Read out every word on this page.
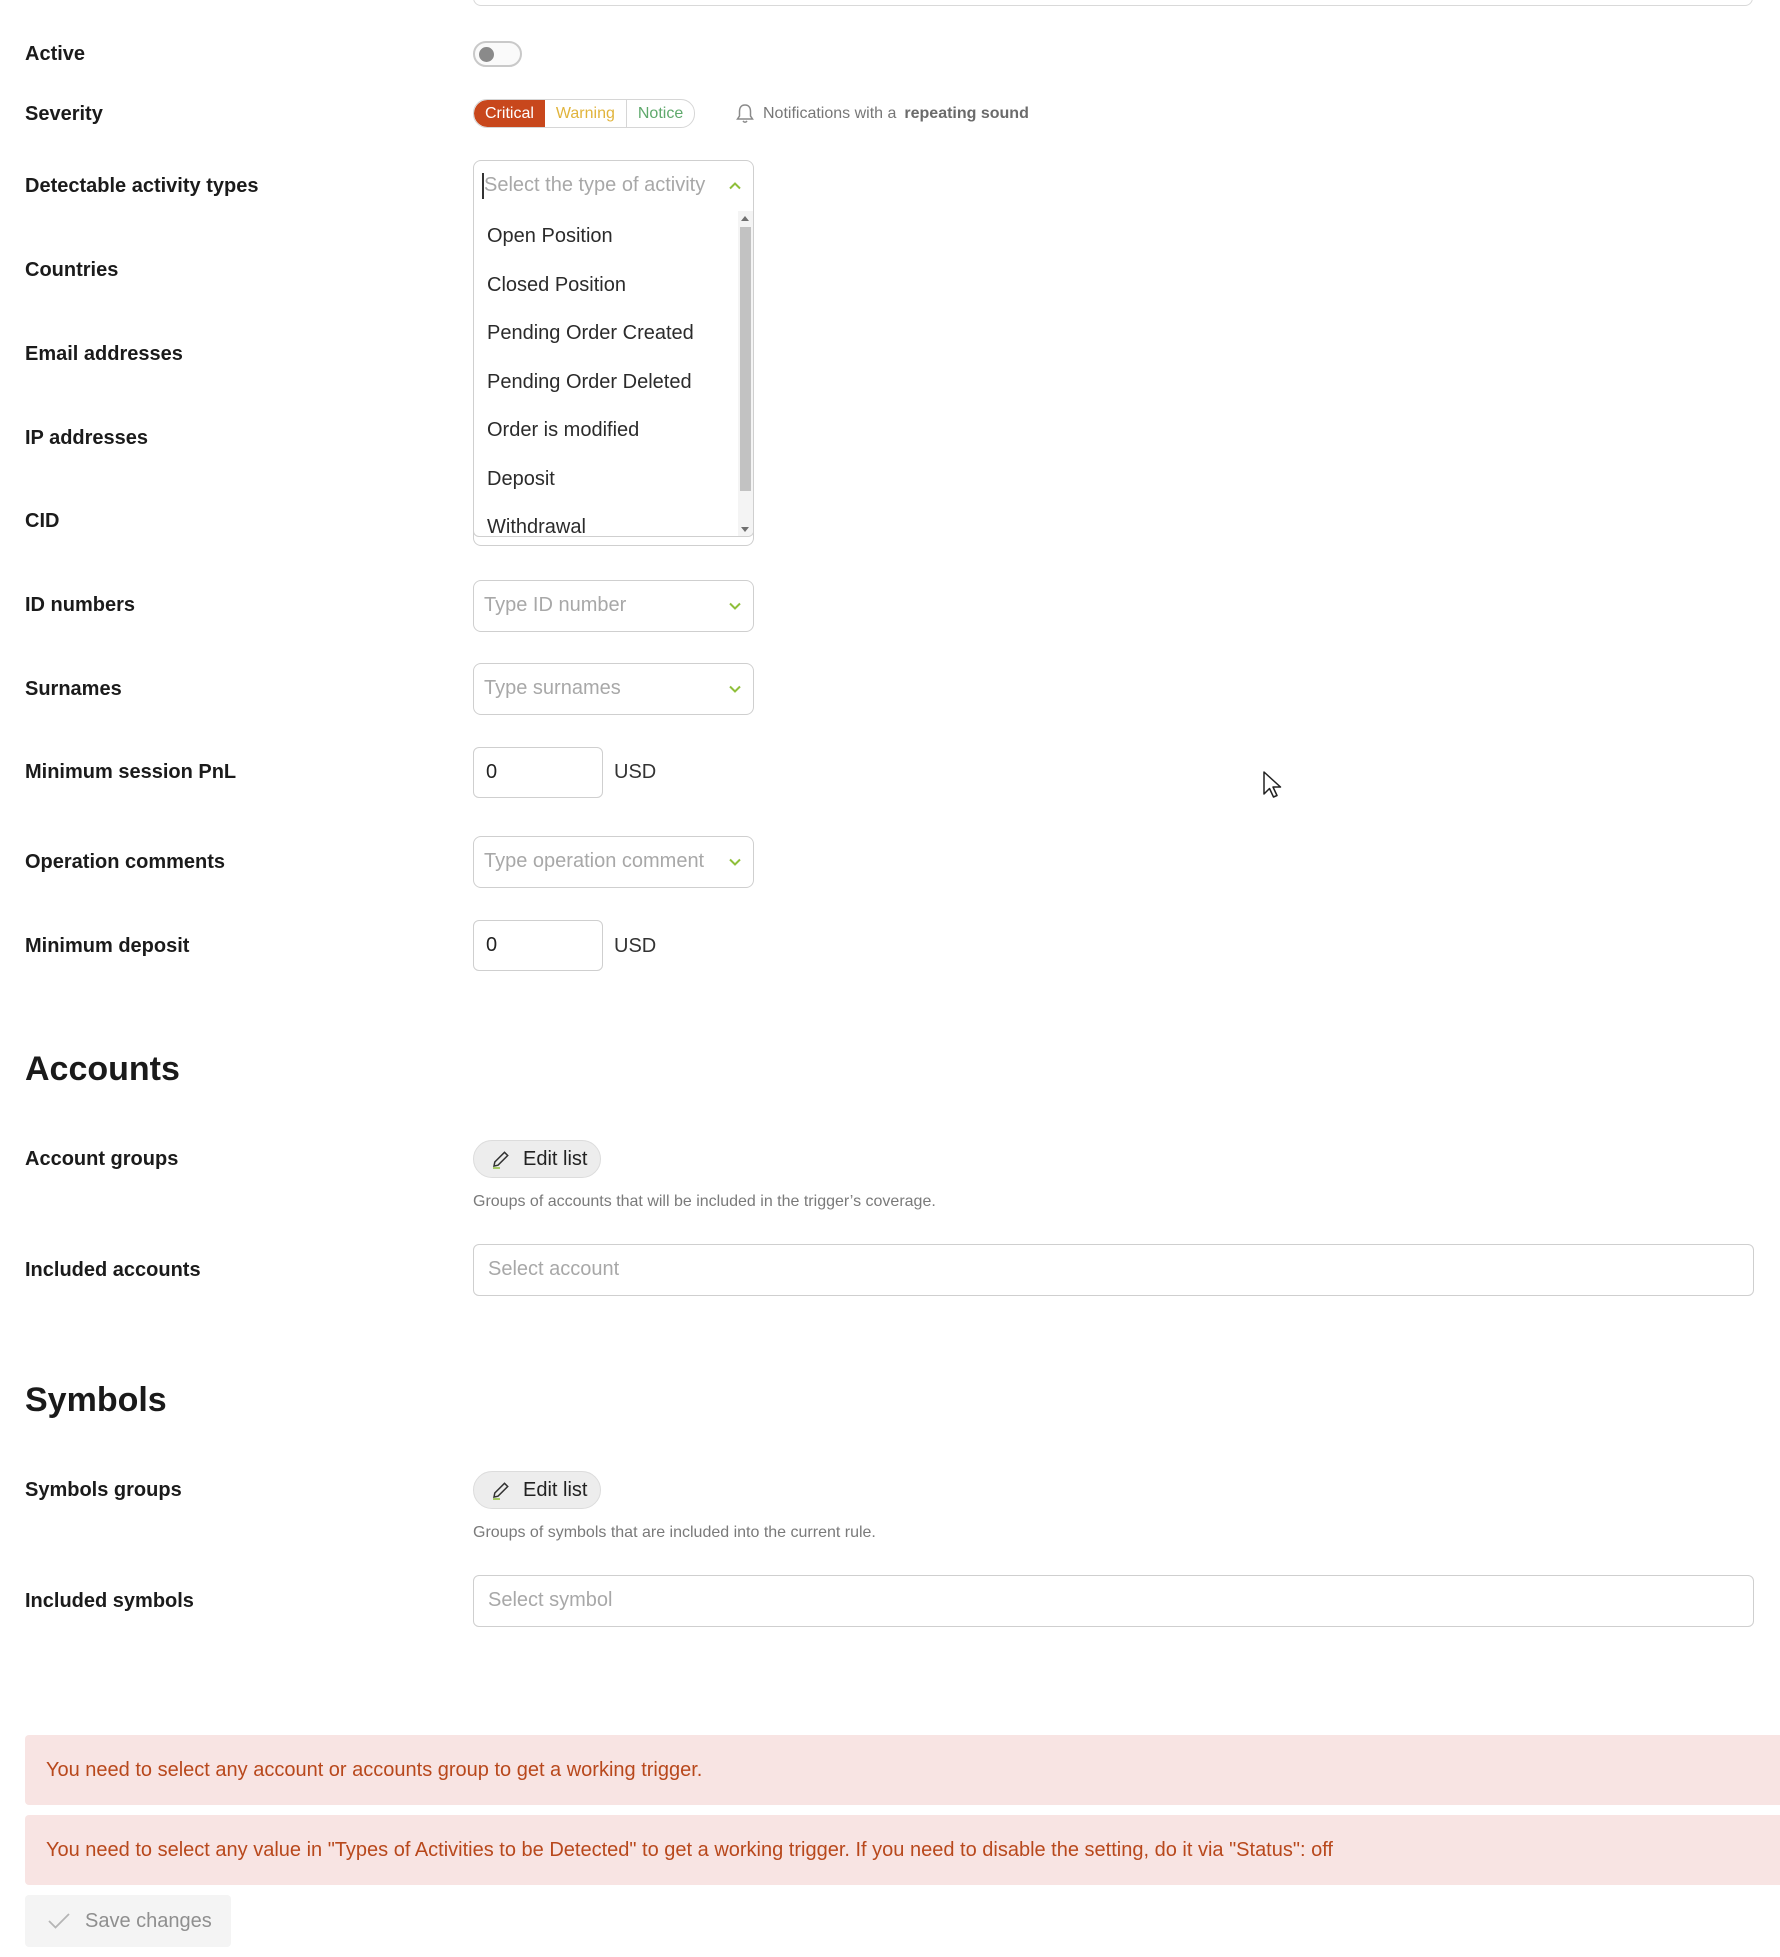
Active
Severity	Critical	Warning	Notice	Notifications with a repeating sound
Detectable activity types	Select the type of activity
Open Position
Closed Position
Pending Order Created
Pending Order Deleted
Order is modified
Deposit
Withdrawal
Countries
Email addresses
IP addresses
CID
ID numbers	Type ID number
Surnames	Type surnames
Minimum session PnL	0	USD
Operation comments	Type operation comment
Minimum deposit	0	USD
Accounts
Account groups	Edit list
Groups of accounts that will be included in the trigger’s coverage.
Included accounts	Select account
Symbols
Symbols groups	Edit list
Groups of symbols that are included into the current rule.
Included symbols	Select symbol
You need to select any account or accounts group to get a working trigger.
You need to select any value in "Types of Activities to be Detected" to get a working trigger. If you need to disable the setting, do it via "Status": off
Save changes
